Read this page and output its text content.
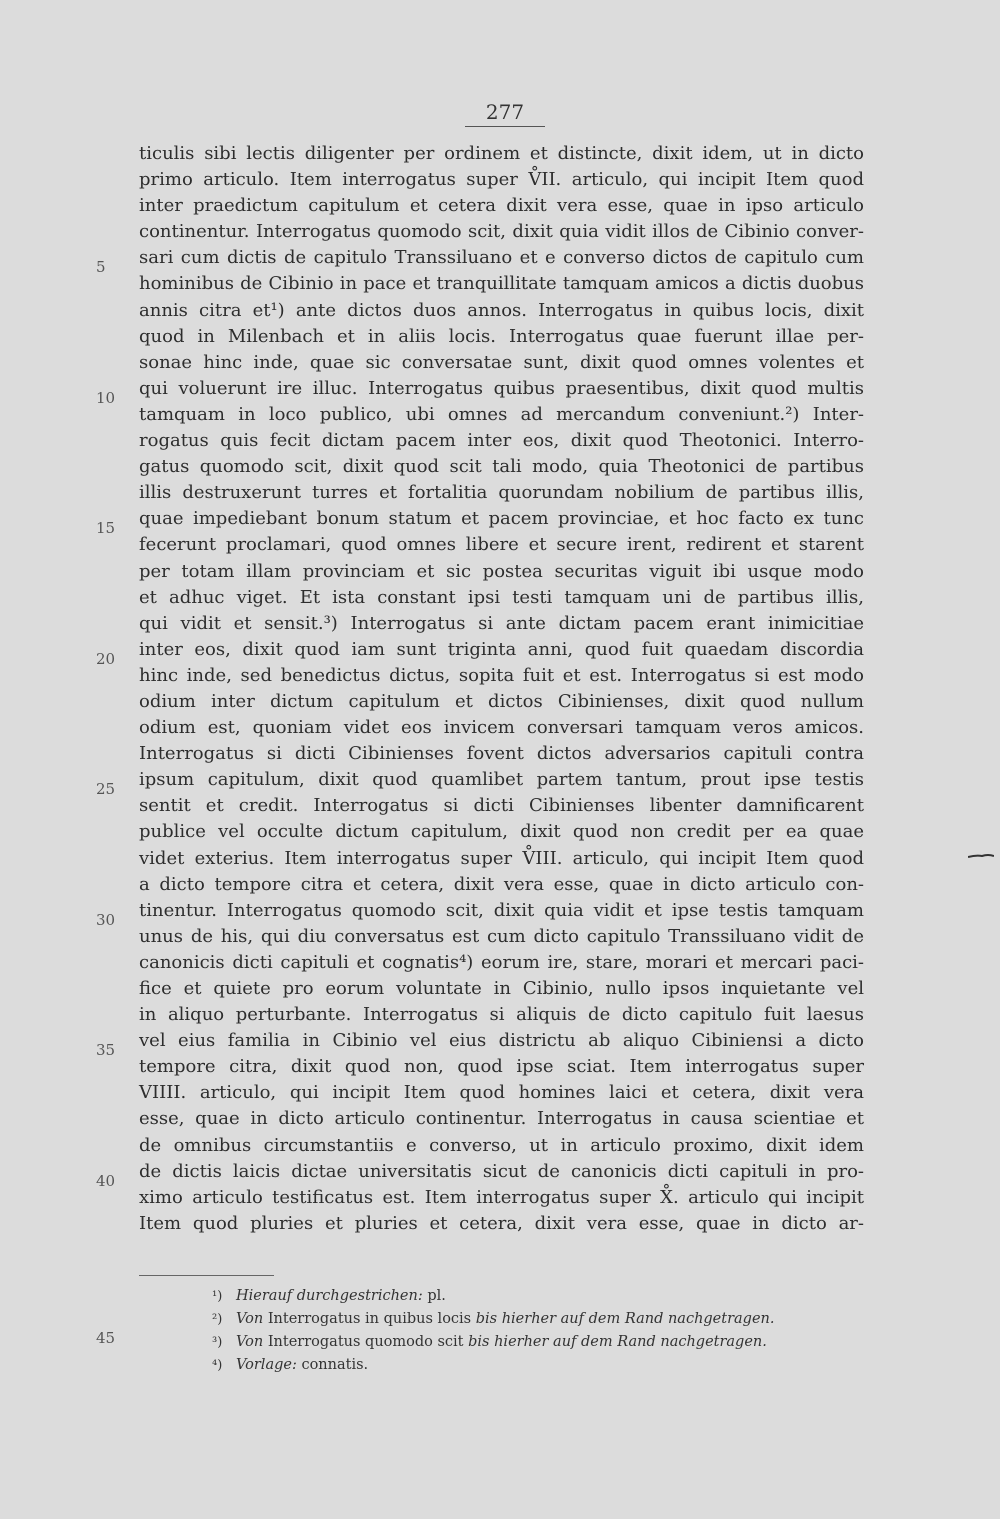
277
5
10
15
20
25
30
35
40
45
ticulis sibi lectis diligenter per ordinem et distincte, dixit idem, ut in dicto
primo articulo. Item interrogatus super V̊II. articulo, qui incipit Item quod
inter praedictum capitulum et cetera dixit vera esse, quae in ipso articulo
continentur. Interrogatus quomodo scit, dixit quia vidit illos de Cibinio conver-
sari cum dictis de capitulo Transsiluano et e converso dictos de capitulo cum
hominibus de Cibinio in pace et tranquillitate tamquam amicos a dictis duobus
annis citra et¹) ante dictos duos annos. Interrogatus in quibus locis, dixit
quod in Milenbach et in aliis locis. Interrogatus quae fuerunt illae per-
sonae hinc inde, quae sic conversatae sunt, dixit quod omnes volentes et
qui voluerunt ire illuc. Interrogatus quibus praesentibus, dixit quod multis
tamquam in loco publico, ubi omnes ad mercandum conveniunt.²) Inter-
rogatus quis fecit dictam pacem inter eos, dixit quod Theotonici. Interro-
gatus quomodo scit, dixit quod scit tali modo, quia Theotonici de partibus
illis destruxerunt turres et fortalitia quorundam nobilium de partibus illis,
quae impediebant bonum statum et pacem provinciae, et hoc facto ex tunc
fecerunt proclamari, quod omnes libere et secure irent, redirent et starent
per totam illam provinciam et sic postea securitas viguit ibi usque modo
et adhuc viget. Et ista constant ipsi testi tamquam uni de partibus illis,
qui vidit et sensit.³) Interrogatus si ante dictam pacem erant inimicitiae
inter eos, dixit quod iam sunt triginta anni, quod fuit quaedam discordia
hinc inde, sed benedictus dictus, sopita fuit et est. Interrogatus si est modo
odium inter dictum capitulum et dictos Cibinienses, dixit quod nullum
odium est, quoniam videt eos invicem conversari tamquam veros amicos.
Interrogatus si dicti Cibinienses fovent dictos adversarios capituli contra
ipsum capitulum, dixit quod quamlibet partem tantum, prout ipse testis
sentit et credit. Interrogatus si dicti Cibinienses libenter damnificarent
publice vel occulte dictum capitulum, dixit quod non credit per ea quae
videt exterius. Item interrogatus super V̊III. articulo, qui incipit Item quod
a dicto tempore citra et cetera, dixit vera esse, quae in dicto articulo con-
tinentur. Interrogatus quomodo scit, dixit quia vidit et ipse testis tamquam
unus de his, qui diu conversatus est cum dicto capitulo Transsiluano vidit de
canonicis dicti capituli et cognatis⁴) eorum ire, stare, morari et mercari paci-
fice et quiete pro eorum voluntate in Cibinio, nullo ipsos inquietante vel
in aliquo perturbante. Interrogatus si aliquis de dicto capitulo fuit laesus
vel eius familia in Cibinio vel eius districtu ab aliquo Cibiniensi a dicto
tempore citra, dixit quod non, quod ipse sciat. Item interrogatus super
VIIII. articulo, qui incipit Item quod homines laici et cetera, dixit vera
esse, quae in dicto articulo continentur. Interrogatus in causa scientiae et
de omnibus circumstantiis e converso, ut in articulo proximo, dixit idem
de dictis laicis dictae universitatis sicut de canonicis dicti capituli in pro-
ximo articulo testificatus est. Item interrogatus super X̊. articulo qui incipit
Item quod pluries et pluries et cetera, dixit vera esse, quae in dicto ar-
¹) Hierauf durchgestrichen: pl.
²) Von Interrogatus in quibus locis bis hierher auf dem Rand nachgetragen.
³) Von Interrogatus quomodo scit bis hierher auf dem Rand nachgetragen.
⁴) Vorlage: connatis.
